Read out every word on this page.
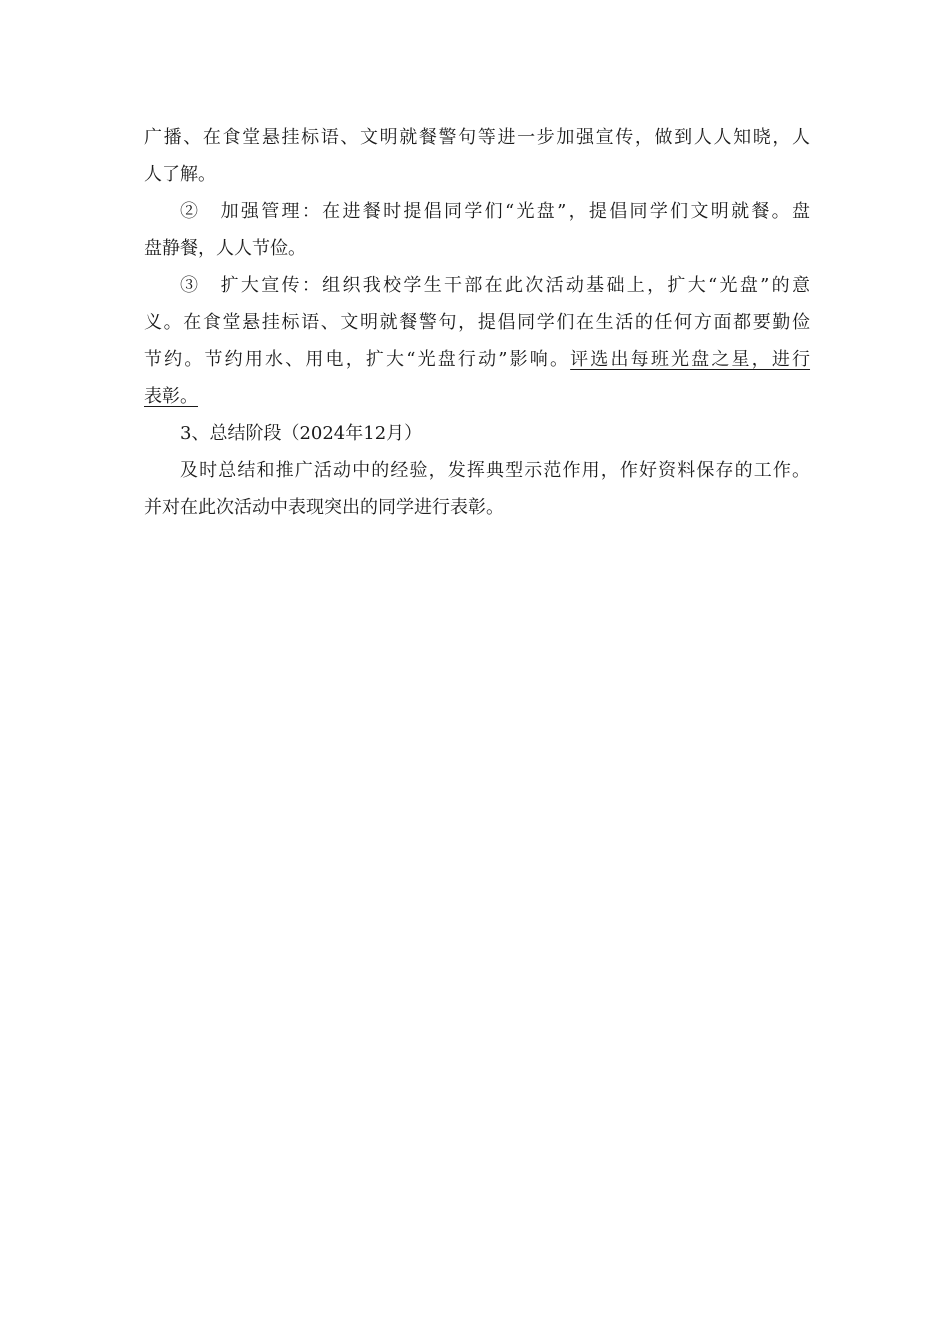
广播、在食堂悬挂标语、文明就餐警句等进一步加强宣传，做到人人知晓，人
人了解。
②　加强管理：在进餐时提倡同学们“光盘”，提倡同学们文明就餐。盘
盘静餐，人人节俭。
③　扩大宣传：组织我校学生干部在此次活动基础上，扩大“光盘”的意
义。在食堂悬挂标语、文明就餐警句，提倡同学们在生活的任何方面都要勤俭
节约。节约用水、用电，扩大“光盘行动”影响。评选出每班光盘之星，进行
表彰。
3、总结阶段（2024年12月）
及时总结和推广活动中的经验，发挥典型示范作用，作好资料保存的工作。
并对在此次活动中表现突出的同学进行表彰。
